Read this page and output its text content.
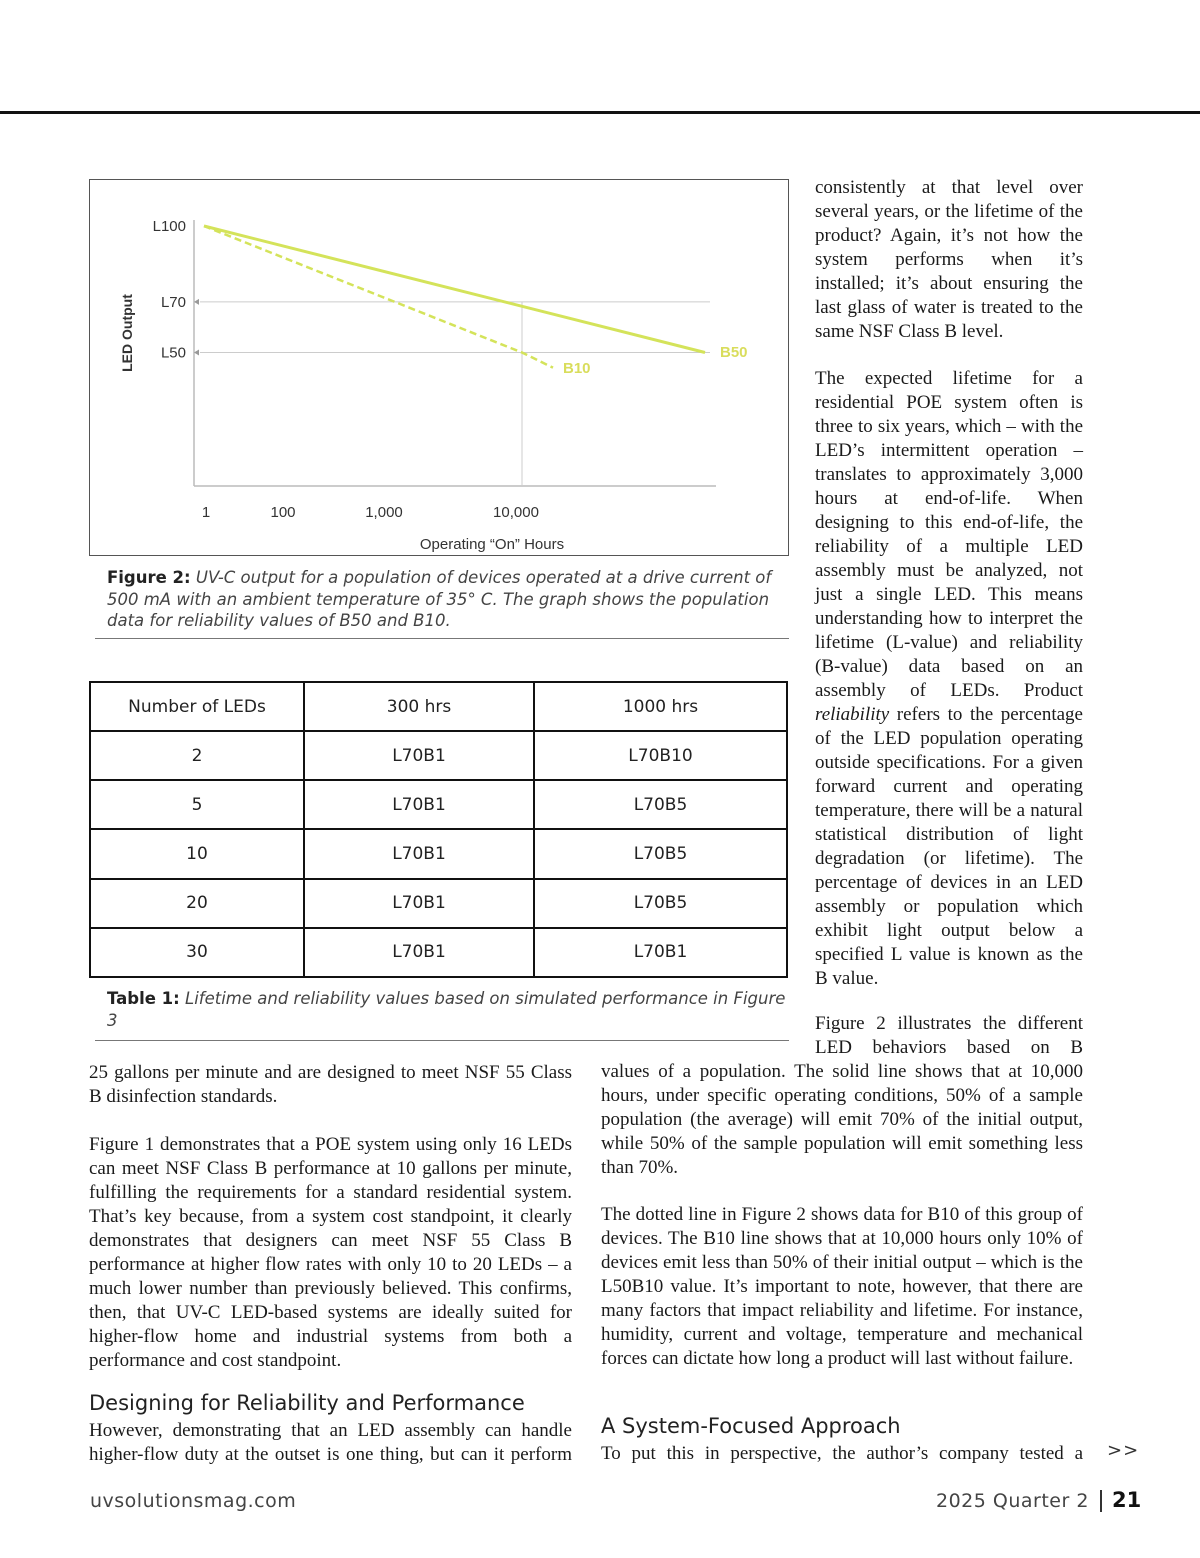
B50
B10
L100
L70
L50
1	100	1,000	10,000
LED Output
Operating “On” Hours
Figure 2: UV-C output for a population of devices operated at a drive current of 500 mA with an ambient temperature of 35° C. The graph shows the population data for reliability values of B50 and B10.
Number of LEDs	300 hrs	1000 hrs
2	L70B1	L70B10
5	L70B1	L70B5
10	L70B1	L70B5
20	L70B1	L70B5
30	L70B1	L70B1
Table 1: Lifetime and reliability values based on simulated performance in Figure 3
consistently at that level over several years, or the lifetime of the product? Again, it’s not how the system performs when it’s installed; it’s about ensuring the last glass of water is treated to the same NSF Class B level.
The expected lifetime for a residential POE system often is three to six years, which – with the LED’s intermittent operation – translates to approximately 3,000 hours at end-of-life. When designing to this end-of-life, the reliability of a multiple LED assembly must be analyzed, not just a single LED. This means understanding how to interpret the lifetime (L-value) and reliability (B-value) data based on an assembly of LEDs. Product reliability refers to the percentage of the LED population operating outside specifications. For a given forward current and operating temperature, there will be a natural statistical distribution of light degradation (or lifetime). The percentage of devices in an LED assembly or population which exhibit light output below a specified L value is known as the B value.
Figure 2 illustrates the different LED behaviors based on B
25 gallons per minute and are designed to meet NSF 55 Class B disinfection standards.
Figure 1 demonstrates that a POE system using only 16 LEDs can meet NSF Class B performance at 10 gallons per minute, fulfilling the requirements for a standard residential system. That’s key because, from a system cost standpoint, it clearly demonstrates that designers can meet NSF 55 Class B performance at higher flow rates with only 10 to 20 LEDs – a much lower number than previously believed. This confirms, then, that UV-C LED-based systems are ideally suited for higher-flow home and industrial systems from both a performance and cost standpoint.
Designing for Reliability and Performance
However, demonstrating that an LED assembly can handle higher-flow duty at the outset is one thing, but can it perform
values of a population. The solid line shows that at 10,000 hours, under specific operating conditions, 50% of a sample population (the average) will emit 70% of the initial output, while 50% of the sample population will emit something less than 70%.
The dotted line in Figure 2 shows data for B10 of this group of devices. The B10 line shows that at 10,000 hours only 10% of devices emit less than 50% of their initial output – which is the L50B10 value. It’s important to note, however, that there are many factors that impact reliability and lifetime. For instance, humidity, current and voltage, temperature and mechanical forces can dictate how long a product will last without failure.
A System-Focused Approach
To put this in perspective, the author’s company tested a >>
uvsolutionsmag.com	2025 Quarter 2 21
